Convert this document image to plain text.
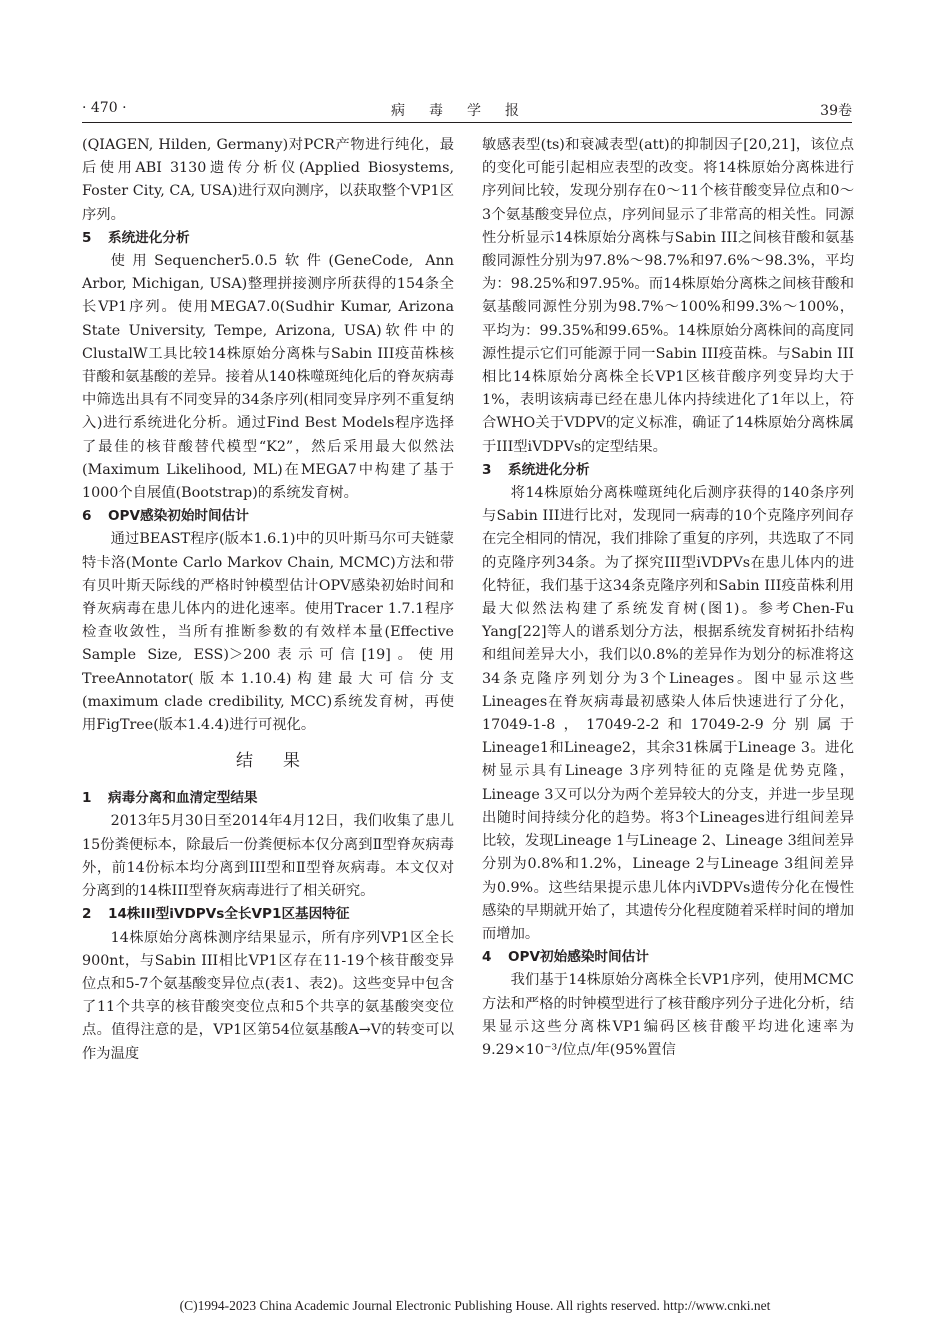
· 470 ·	病毒学报	39卷

(QIAGEN, Hilden, Germany)对PCR产物进行纯化，最后使用ABI 3130遗传分析仪(Applied Biosystems, Foster City, CA, USA)进行双向测序，以获取整个VP1区序列。

5 系统进化分析

使用Sequencher5.0.5软件(GeneCode, Ann Arbor, Michigan, USA)整理拼接测序所获得的154条全长VP1序列。使用MEGA7.0(Sudhir Kumar, Arizona State University, Tempe, Arizona, USA)软件中的ClustalW工具比较14株原始分离株与Sabin III疫苗株核苷酸和氨基酸的差异。接着从140株噬斑纯化后的脊灰病毒中筛选出具有不同变异的34条序列(相同变异序列不重复纳入)进行系统进化分析。通过Find Best Models程序选择了最佳的核苷酸替代模型“K2”，然后采用最大似然法(Maximum Likelihood, ML)在MEGA7中构建了基于1000个自展值(Bootstrap)的系统发育树。

6 OPV感染初始时间估计

通过BEAST程序(版本1.6.1)中的贝叶斯马尔可夫链蒙特卡洛(Monte Carlo Markov Chain, MCMC)方法和带有贝叶斯天际线的严格时钟模型估计OPV感染初始时间和脊灰病毒在患儿体内的进化速率。使用Tracer 1.7.1程序检查收敛性，当所有推断参数的有效样本量(Effective Sample Size, ESS)＞200表示可信[19]。使用TreeAnnotator(版本1.10.4)构建最大可信分支(maximum clade credibility, MCC)系统发育树，再使用FigTree(版本1.4.4)进行可视化。

结果
1 病毒分离和血清定型结果

2013年5月30日至2014年4月12日，我们收集了患儿15份粪便标本，除最后一份粪便标本仅分离到Ⅱ型脊灰病毒外，前14份标本均分离到III型和Ⅱ型脊灰病毒。本文仅对分离到的14株III型脊灰病毒进行了相关研究。

2 14株III型iVDPVs全长VP1区基因特征

14株原始分离株测序结果显示，所有序列VP1区全长900nt，与Sabin III相比VP1区存在11-19个核苷酸变异位点和5-7个氨基酸变异位点(表1、表2)。这些变异中包含了11个共享的核苷酸突变位点和5个共享的氨基酸突变位点。值得注意的是，VP1区第54位氨基酸A→V的转变可以作为温度

敏感表型(ts)和衰减表型(att)的抑制因子[20,21]，该位点的变化可能引起相应表型的改变。将14株原始分离株进行序列间比较，发现分别存在0～11个核苷酸变异位点和0～3个氨基酸变异位点，序列间显示了非常高的相关性。同源性分析显示14株原始分离株与Sabin III之间核苷酸和氨基酸同源性分别为97.8%～98.7%和97.6%～98.3%，平均为：98.25%和97.95%。而14株原始分离株之间核苷酸和氨基酸同源性分别为98.7%～100%和99.3%～100%，平均为：99.35%和99.65%。14株原始分离株间的高度同源性提示它们可能源于同一Sabin III疫苗株。与Sabin III相比14株原始分离株全长VP1区核苷酸序列变异均大于1%，表明该病毒已经在患儿体内持续进化了1年以上，符合WHO关于VDPV的定义标准，确证了14株原始分离株属于III型iVDPVs的定型结果。

3 系统进化分析

将14株原始分离株噬斑纯化后测序获得的140条序列与Sabin III进行比对，发现同一病毒的10个克隆序列间存在完全相同的情况，我们排除了重复的序列，共选取了不同的克隆序列34条。为了探究III型iVDPVs在患儿体内的进化特征，我们基于这34条克隆序列和Sabin III疫苗株利用最大似然法构建了系统发育树(图1)。参考Chen-Fu Yang[22]等人的谱系划分方法，根据系统发育树拓扑结构和组间差异大小，我们以0.8%的差异作为划分的标准将这34条克隆序列划分为3个Lineages。图中显示这些Lineages在脊灰病毒最初感染人体后快速进行了分化，17049-1-8，17049-2-2和17049-2-9分别属于Lineage1和Lineage2，其余31株属于Lineage 3。进化树显示具有Lineage 3序列特征的克隆是优势克隆，Lineage 3又可以分为两个差异较大的分支，并进一步呈现出随时间持续分化的趋势。将3个Lineages进行组间差异比较，发现Lineage 1与Lineage 2、Lineage 3组间差异分别为0.8%和1.2%，Lineage 2与Lineage 3组间差异为0.9%。这些结果提示患儿体内iVDPVs遗传分化在慢性感染的早期就开始了，其遗传分化程度随着采样时间的增加而增加。

4 OPV初始感染时间估计

我们基于14株原始分离株全长VP1序列，使用MCMC方法和严格的时钟模型进行了核苷酸序列分子进化分析，结果显示这些分离株VP1编码区核苷酸平均进化速率为9.29×10⁻³/位点/年(95%置信

(C)1994-2023 China Academic Journal Electronic Publishing House. All rights reserved. http://www.cnki.net
